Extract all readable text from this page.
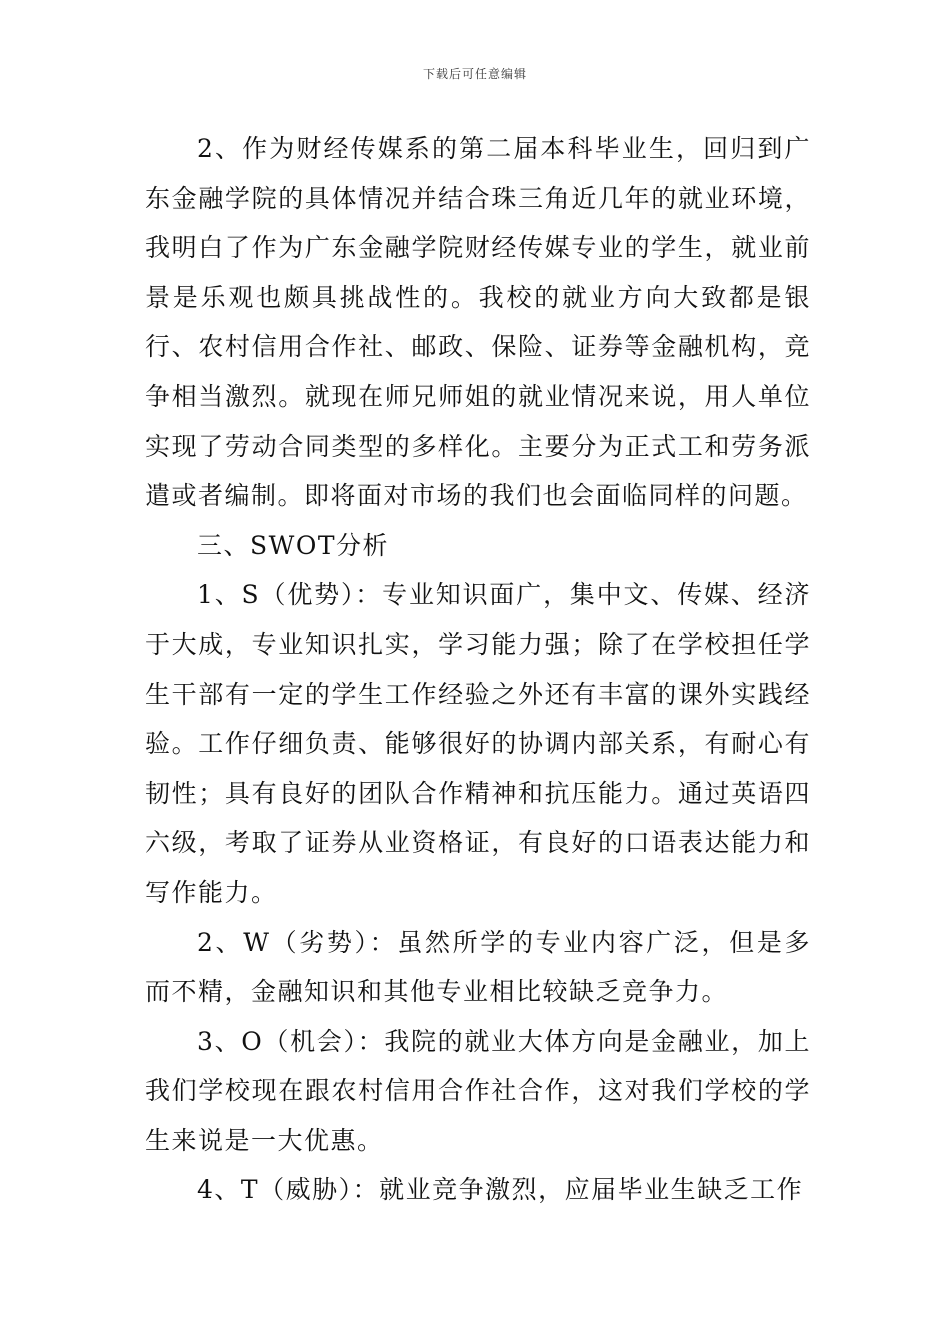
下载后可任意编辑

2、作为财经传媒系的第二届本科毕业生，回归到广东金融学院的具体情况并结合珠三角近几年的就业环境，我明白了作为广东金融学院财经传媒专业的学生，就业前景是乐观也颇具挑战性的。我校的就业方向大致都是银行、农村信用合作社、邮政、保险、证券等金融机构，竞争相当激烈。就现在师兄师姐的就业情况来说，用人单位实现了劳动合同类型的多样化。主要分为正式工和劳务派遣或者编制。即将面对市场的我们也会面临同样的问题。

三、SWOT分析

1、S（优势）：专业知识面广，集中文、传媒、经济于大成，专业知识扎实，学习能力强；除了在学校担任学生干部有一定的学生工作经验之外还有丰富的课外实践经验。工作仔细负责、能够很好的协调内部关系，有耐心有韧性；具有良好的团队合作精神和抗压能力。通过英语四六级，考取了证券从业资格证，有良好的口语表达能力和写作能力。

2、W（劣势）：虽然所学的专业内容广泛，但是多而不精，金融知识和其他专业相比较缺乏竞争力。

3、O（机会）：我院的就业大体方向是金融业，加上我们学校现在跟农村信用合作社合作，这对我们学校的学生来说是一大优惠。

4、T（威胁）：就业竞争激烈，应届毕业生缺乏工作
